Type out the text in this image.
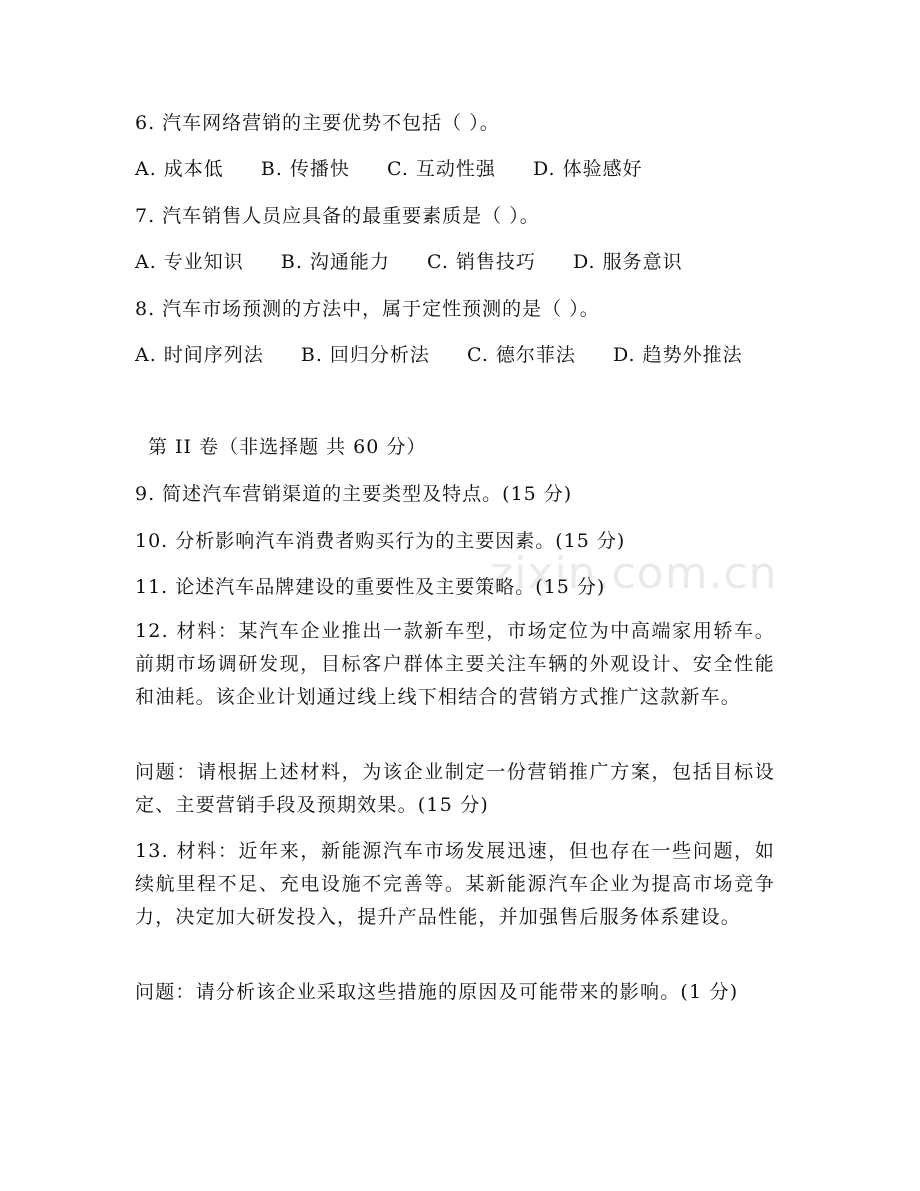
zixin.com.cn
6. 汽车网络营销的主要优势不包括（ ）。
A. 成本低 B. 传播快 C. 互动性强 D. 体验感好
7. 汽车销售人员应具备的最重要素质是（ ）。
A. 专业知识 B. 沟通能力 C. 销售技巧 D. 服务意识
8. 汽车市场预测的方法中，属于定性预测的是（ ）。
A. 时间序列法 B. 回归分析法 C. 德尔菲法 D. 趋势外推法
第 II 卷（非选择题 共 60 分）
9. 简述汽车营销渠道的主要类型及特点。(15 分)
10. 分析影响汽车消费者购买行为的主要因素。(15 分)
11. 论述汽车品牌建设的重要性及主要策略。(15 分)
12. 材料：某汽车企业推出一款新车型，市场定位为中高端家用轿车。前期市场调研发现，目标客户群体主要关注车辆的外观设计、安全性能和油耗。该企业计划通过线上线下相结合的营销方式推广这款新车。
问题：请根据上述材料，为该企业制定一份营销推广方案，包括目标设定、主要营销手段及预期效果。(15 分)
13. 材料：近年来，新能源汽车市场发展迅速，但也存在一些问题，如续航里程不足、充电设施不完善等。某新能源汽车企业为提高市场竞争力，决定加大研发投入，提升产品性能，并加强售后服务体系建设。
问题：请分析该企业采取这些措施的原因及可能带来的影响。(1 分)
